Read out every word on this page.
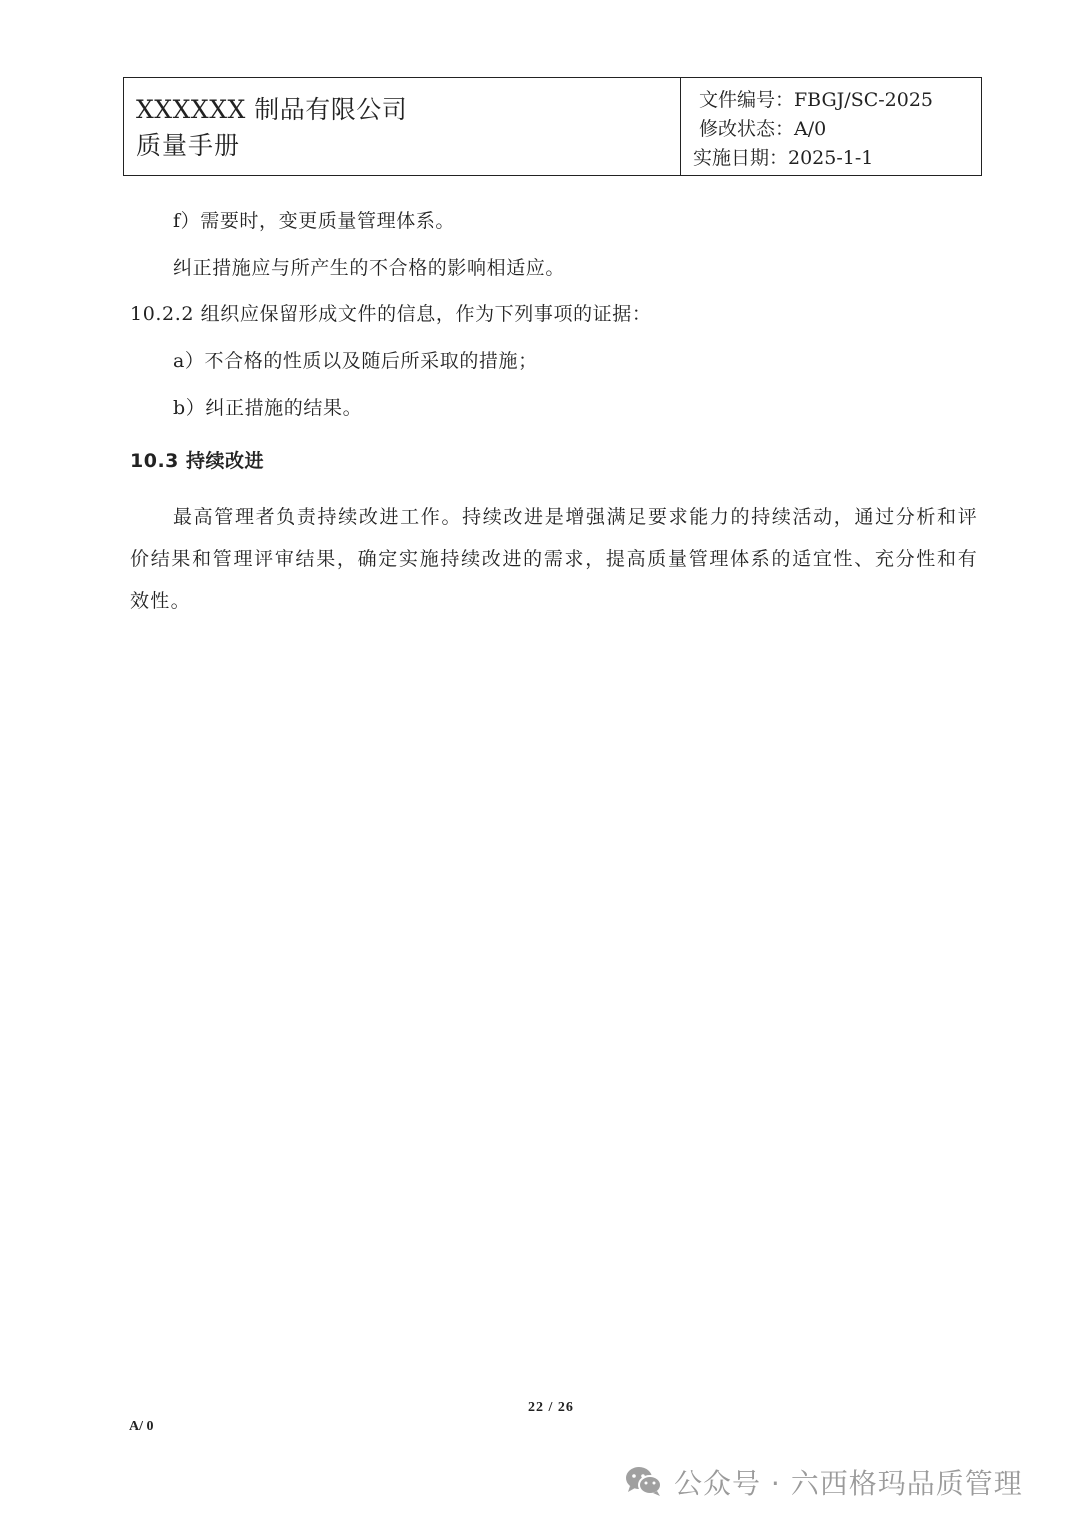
XXXXXX 制品有限公司
质量手册
文件编号：FBGJ/SC-2025
修改状态：A/0
实施日期：2025-1-1
f）需要时，变更质量管理体系。
纠正措施应与所产生的不合格的影响相适应。
10.2.2 组织应保留形成文件的信息，作为下列事项的证据：
a）不合格的性质以及随后所采取的措施；
b）纠正措施的结果。
10.3 持续改进
最高管理者负责持续改进工作。持续改进是增强满足要求能力的持续活动，通过分析和评价结果和管理评审结果，确定实施持续改进的需求，提高质量管理体系的适宜性、充分性和有效性。
22 / 26
A/ 0
公众号 · 六西格玛品质管理
